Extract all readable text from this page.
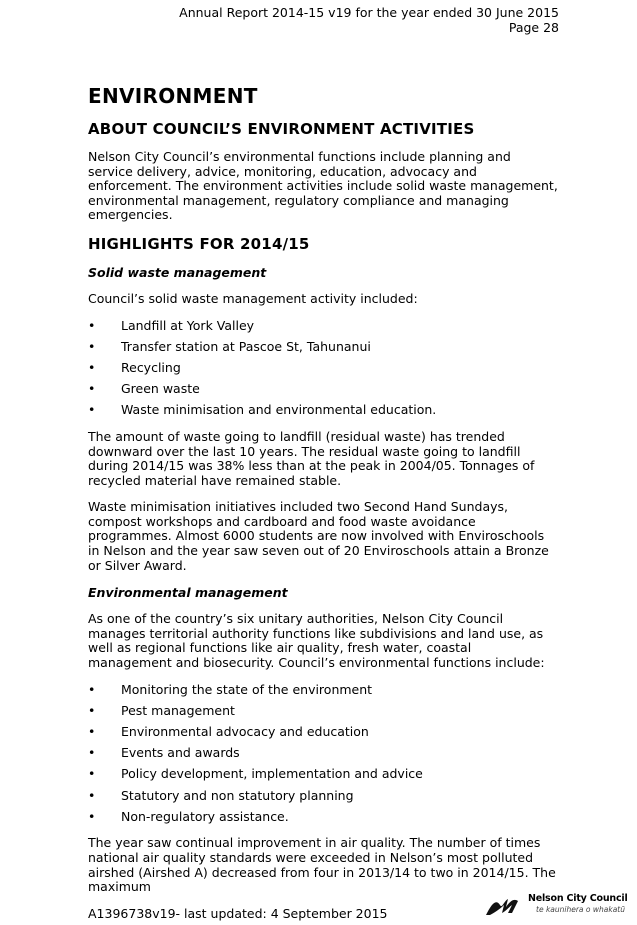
Annual Report 2014-15 v19 for the year ended 30 June 2015
Page 28
ENVIRONMENT
ABOUT COUNCIL’S ENVIRONMENT ACTIVITIES

Nelson City Council’s environmental functions include planning and service delivery, advice, monitoring, education, advocacy and enforcement. The environment activities include solid waste management, environmental management, regulatory compliance and managing emergencies.

HIGHLIGHTS FOR 2014/15
Solid waste management

Council’s solid waste management activity included:

• Landfill at York Valley
• Transfer station at Pascoe St, Tahunanui
• Recycling
• Green waste
• Waste minimisation and environmental education.

The amount of waste going to landfill (residual waste) has trended downward over the last 10 years. The residual waste going to landfill during 2014/15 was 38% less than at the peak in 2004/05. Tonnages of recycled material have remained stable.

Waste minimisation initiatives included two Second Hand Sundays, compost workshops and cardboard and food waste avoidance programmes. Almost 6000 students are now involved with Enviroschools in Nelson and the year saw seven out of 20 Enviroschools attain a Bronze or Silver Award.

Environmental management

As one of the country’s six unitary authorities, Nelson City Council manages territorial authority functions like subdivisions and land use, as well as regional functions like air quality, fresh water, coastal management and biosecurity. Council’s environmental functions include:

• Monitoring the state of the environment
• Pest management
• Environmental advocacy and education
• Events and awards
• Policy development, implementation and advice
• Statutory and non statutory planning
• Non-regulatory assistance.

The year saw continual improvement in air quality. The number of times national air quality standards were exceeded in Nelson’s most polluted airshed (Airshed A) decreased from four in 2013/14 to two in 2014/15. The maximum

A1396738v19- last updated: 4 September 2015
Nelson City Council
te kaunihera o whakatū
